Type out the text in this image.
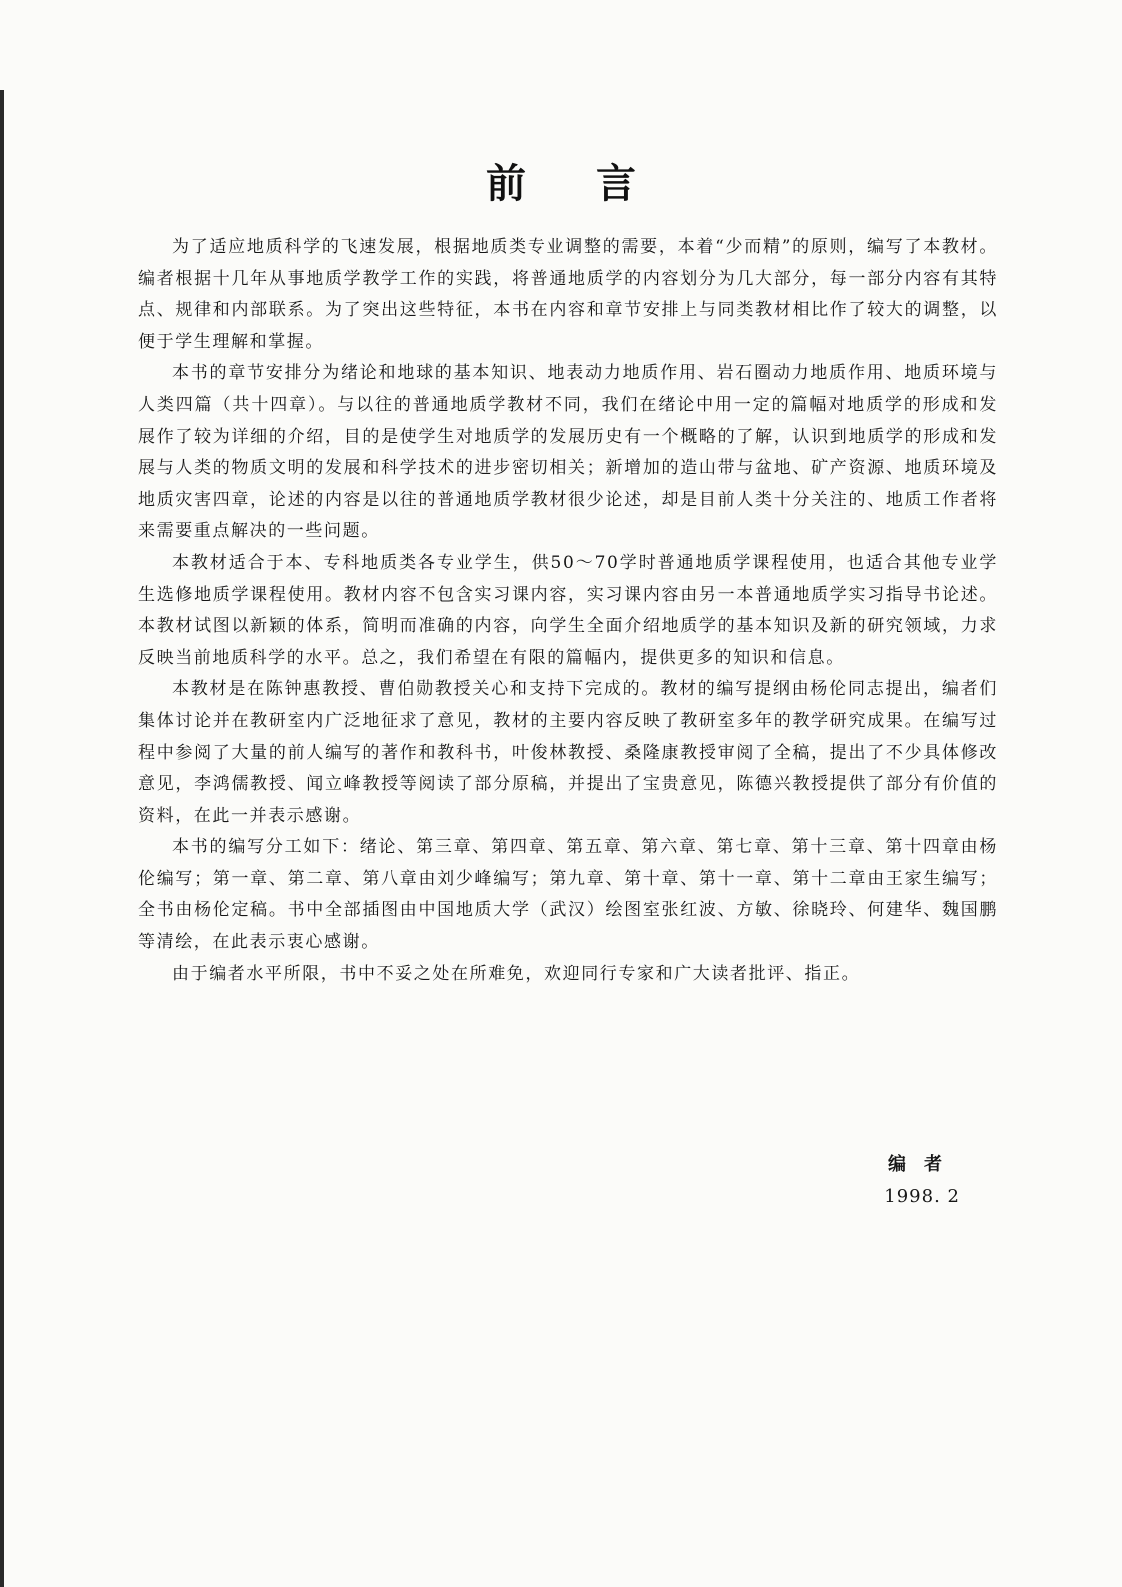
前 言

为了适应地质科学的飞速发展，根据地质类专业调整的需要，本着“少而精”的原则，编写了本教材。编者根据十几年从事地质学教学工作的实践，将普通地质学的内容划分为几大部分，每一部分内容有其特点、规律和内部联系。为了突出这些特征，本书在内容和章节安排上与同类教材相比作了较大的调整，以便于学生理解和掌握。

本书的章节安排分为绪论和地球的基本知识、地表动力地质作用、岩石圈动力地质作用、地质环境与人类四篇（共十四章）。与以往的普通地质学教材不同，我们在绪论中用一定的篇幅对地质学的形成和发展作了较为详细的介绍，目的是使学生对地质学的发展历史有一个概略的了解，认识到地质学的形成和发展与人类的物质文明的发展和科学技术的进步密切相关；新增加的造山带与盆地、矿产资源、地质环境及地质灾害四章，论述的内容是以往的普通地质学教材很少论述，却是目前人类十分关注的、地质工作者将来需要重点解决的一些问题。

本教材适合于本、专科地质类各专业学生，供50～70学时普通地质学课程使用，也适合其他专业学生选修地质学课程使用。教材内容不包含实习课内容，实习课内容由另一本普通地质学实习指导书论述。本教材试图以新颖的体系，简明而准确的内容，向学生全面介绍地质学的基本知识及新的研究领域，力求反映当前地质科学的水平。总之，我们希望在有限的篇幅内，提供更多的知识和信息。

本教材是在陈钟惠教授、曹伯勋教授关心和支持下完成的。教材的编写提纲由杨伦同志提出，编者们集体讨论并在教研室内广泛地征求了意见，教材的主要内容反映了教研室多年的教学研究成果。在编写过程中参阅了大量的前人编写的著作和教科书，叶俊林教授、桑隆康教授审阅了全稿，提出了不少具体修改意见，李鸿儒教授、闻立峰教授等阅读了部分原稿，并提出了宝贵意见，陈德兴教授提供了部分有价值的资料，在此一并表示感谢。

本书的编写分工如下：绪论、第三章、第四章、第五章、第六章、第七章、第十三章、第十四章由杨伦编写；第一章、第二章、第八章由刘少峰编写；第九章、第十章、第十一章、第十二章由王家生编写；全书由杨伦定稿。书中全部插图由中国地质大学（武汉）绘图室张红波、方敏、徐晓玲、何建华、魏国鹏等清绘，在此表示衷心感谢。

由于编者水平所限，书中不妥之处在所难免，欢迎同行专家和广大读者批评、指正。

编者
1998. 2
